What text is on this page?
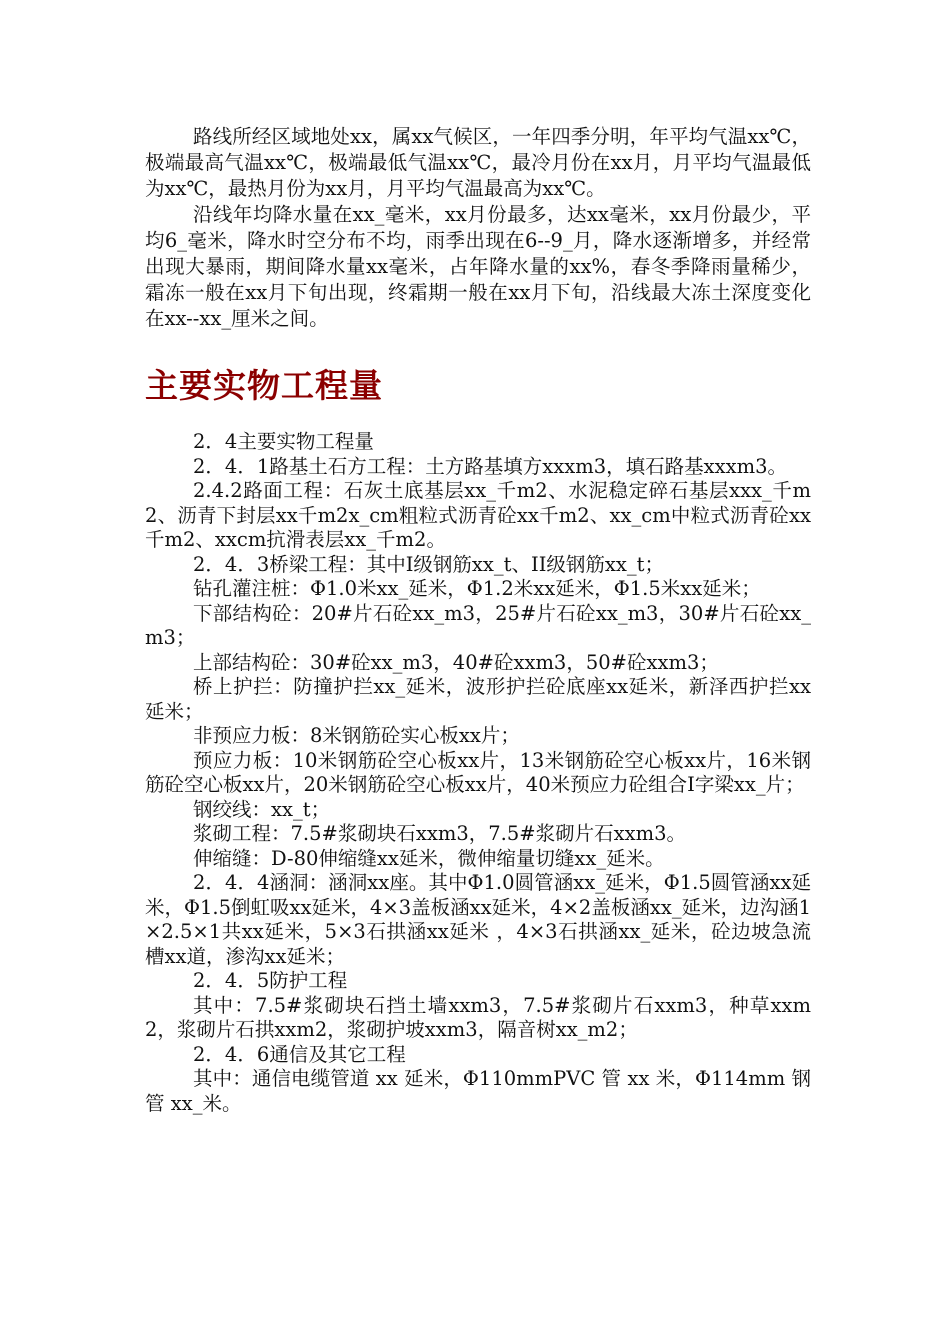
路线所经区域地处xx，属xx气候区，一年四季分明，年平均气温xx℃，极端最高气温xx℃，极端最低气温xx℃，最冷月份在xx月，月平均气温最低为xx℃，最热月份为xx月，月平均气温最高为xx℃。

沿线年均降水量在xx_毫米，xx月份最多，达xx毫米，xx月份最少，平均6_毫米，降水时空分布不均，雨季出现在6--9_月，降水逐渐增多，并经常出现大暴雨，期间降水量xx毫米，占年降水量的xx%，春冬季降雨量稀少，霜冻一般在xx月下旬出现，终霜期一般在xx月下旬，沿线最大冻土深度变化在xx--xx_厘米之间。

主要实物工程量

2．4主要实物工程量

2．4．1路基土石方工程：土方路基填方xxxm3，填石路基xxxm3。

2.4.2路面工程：石灰土底基层xx_千m2、水泥稳定碎石基层xxx_千m2、沥青下封层xx千m2x_cm粗粒式沥青砼xx千m2、xx_cm中粒式沥青砼xx千m2、xxcm抗滑表层xx_千m2。

2．4．3桥梁工程：其中I级钢筋xx_t、II级钢筋xx_t；

钻孔灌注桩：Φ1.0米xx_延米，Φ1.2米xx延米，Φ1.5米xx延米；

下部结构砼：20#片石砼xx_m3，25#片石砼xx_m3，30#片石砼xx_m3；

上部结构砼：30#砼xx_m3，40#砼xxm3，50#砼xxm3；

桥上护拦：防撞护拦xx_延米，波形护拦砼底座xx延米，新泽西护拦xx延米；

非预应力板：8米钢筋砼实心板xx片；

预应力板：10米钢筋砼空心板xx片，13米钢筋砼空心板xx片，16米钢筋砼空心板xx片，20米钢筋砼空心板xx片，40米预应力砼组合I字梁xx_片；

钢绞线：xx_t；

浆砌工程：7.5#浆砌块石xxm3，7.5#浆砌片石xxm3。

伸缩缝：D-80伸缩缝xx延米，微伸缩量切缝xx_延米。

2．4．4涵洞：涵洞xx座。其中Φ1.0圆管涵xx_延米，Φ1.5圆管涵xx延米，Φ1.5倒虹吸xx延米，4×3盖板涵xx延米，4×2盖板涵xx_延米，边沟涵1×2.5×1共xx延米，5×3石拱涵xx延米 ，4×3石拱涵xx_延米，砼边坡急流槽xx道，渗沟xx延米；

2．4．5防护工程

其中：7.5#浆砌块石挡土墙xxm3，7.5#浆砌片石xxm3，种草xxm2，浆砌片石拱xxm2，浆砌护坡xxm3，隔音树xx_m2；

2．4．6通信及其它工程

其中：通信电缆管道 xx 延米，Φ110mmPVC 管 xx 米，Φ114mm 钢管 xx_米。
